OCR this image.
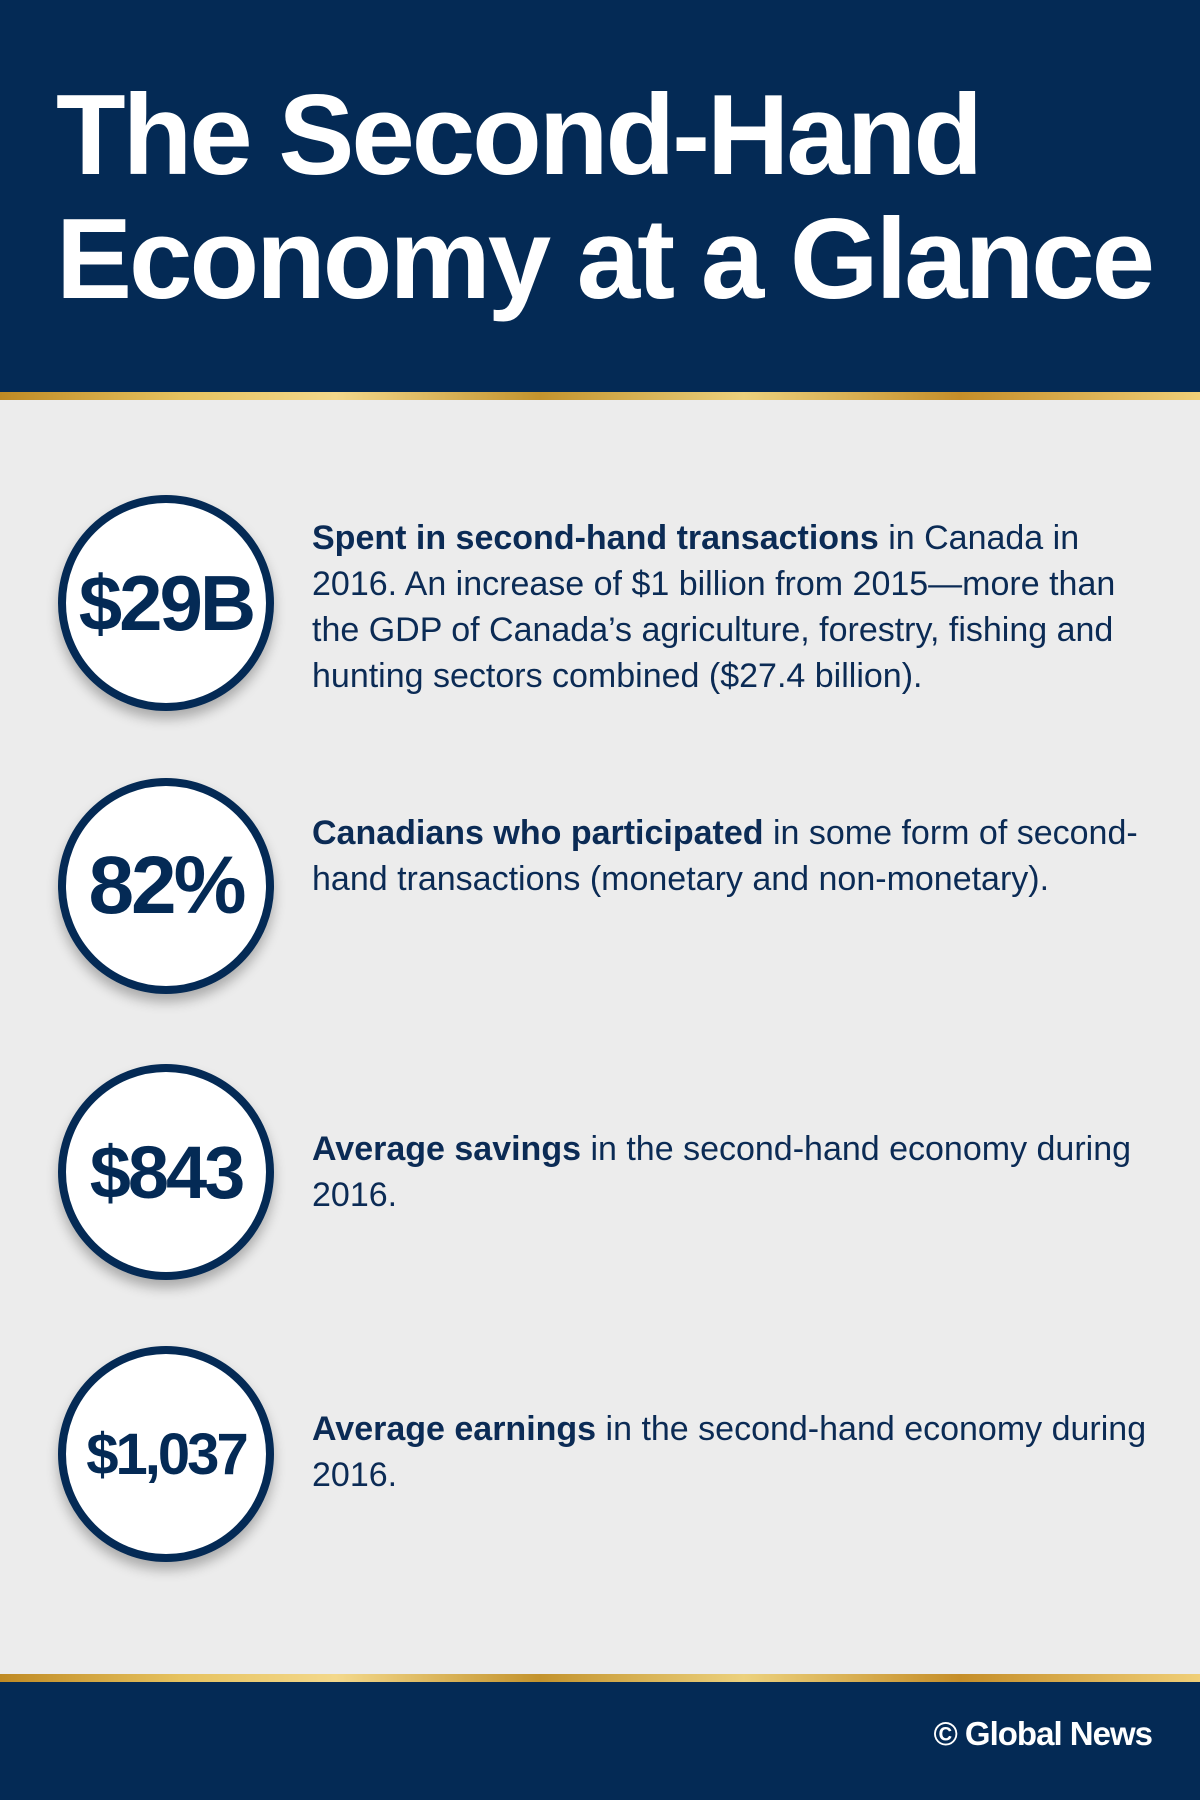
The Second-Hand
Economy at a Glance
$29B

Spent in second-hand transactions in Canada in 2016. An increase of $1 billion from 2015—more than the GDP of Canada’s agriculture, forestry, fishing and hunting sectors combined ($27.4 billion).

82%

Canadians who participated in some form of second-hand transactions (monetary and non-monetary).

$843 Average savings in the second-hand economy during 2016.

$1,037 Average earnings in the second-hand economy during 2016.

© Global News
